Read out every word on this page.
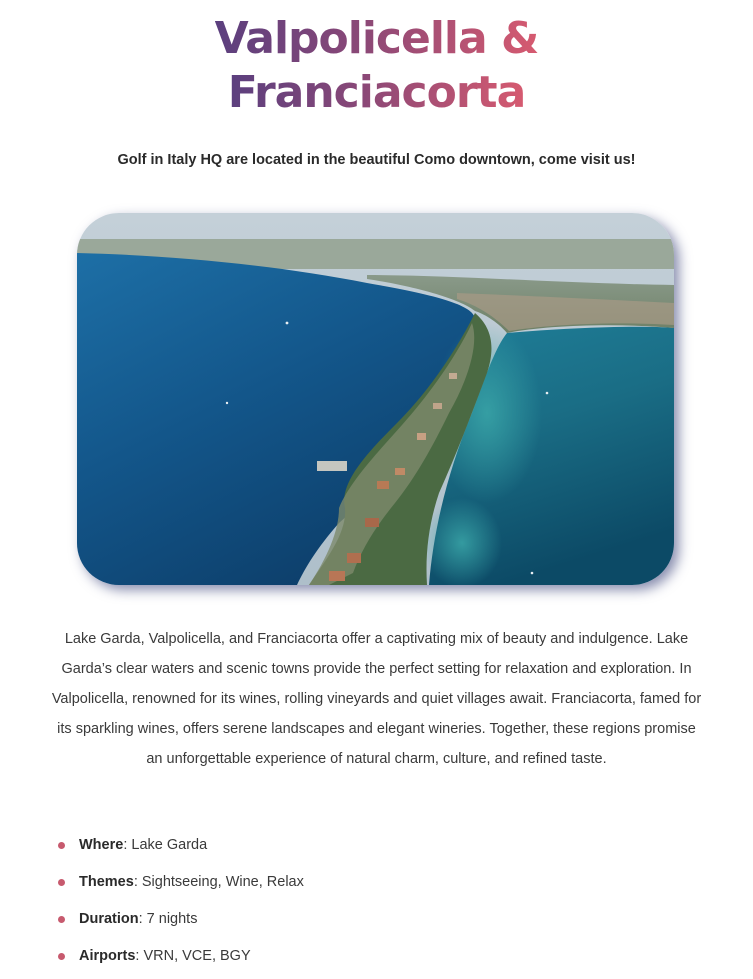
Valpolicella &
Franciacorta

Golf in Italy HQ are located in the beautiful Como downtown, come visit us!

Lake Garda, Valpolicella, and Franciacorta offer a captivating mix of beauty and indulgence. Lake Garda’s clear waters and scenic towns provide the perfect setting for relaxation and exploration. In Valpolicella, renowned for its wines, rolling vineyards and quiet villages await. Franciacorta, famed for its sparkling wines, offers serene landscapes and elegant wineries. Together, these regions promise an unforgettable experience of natural charm, culture, and refined taste.

Where: Lake Garda
Themes: Sightseeing, Wine, Relax
Duration: 7 nights
Airports: VRN, VCE, BGY
